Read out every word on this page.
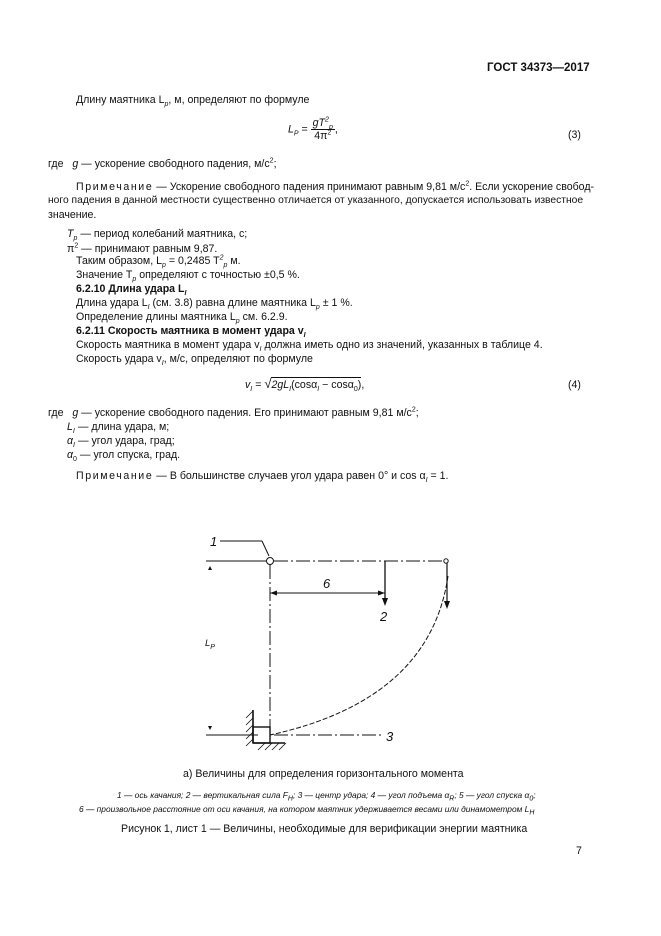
ГОСТ 34373—2017
Длину маятника $L_p$, м, определяют по формуле
$L_P = \frac{gT^2_p}{4\pi^2}$ ,	(3)
где g — ускорение свободного падения, $м/с^2$;
Примечание — Ускорение свободного падения принимают равным 9,81 $м/с^2$. Если ускорение свобод-
ного падения в данной местности существенно отличается от указанного, допускается использовать известное
значение.
$T_p$ — период колебаний маятника, с;
$\pi^2$ — принимают равным 9,87.
Таким образом, $L_p = 0,2485$ $T^2_p$ м.
Значение $T_p$ определяют с точностью ±0,5 %.
6.2.10 Длина удара $L_I$
Длина удара $L_I$ (см. 3.8) равна длине маятника $L_p \pm 1$ %.
Определение длины маятника $L_p$ см. 6.2.9.
6.2.11 Скорость маятника в момент удара $v_I$
Скорость маятника в момент удара $v_I$ должна иметь одно из значений, указанных в таблице 4.
Скорость удара $v_I$, м/с, определяют по формуле
$v_I = √2gL_I(\cos\alpha_I - \cos\alpha_0)$,	(4)
где g — ускорение свободного падения. Его принимают равным 9,81 $м/с^2$;
$L_I$ — длина удара, м;
$\alpha_I$ — угол удара, град;
$\alpha_0$ — угол спуска, град.
Примечание — В большинстве случаев угол удара равен 0° и $\cos \alpha_I = 1$.
1
6
2
3
$L_P$
а) Величины для определения горизонтального момента
1 — ось качания; 2 — вертикальная сила $F_H$; 3 — центр удара; 4 — угол подъема $\alpha_R$; 5 — угол спуска $\alpha_0$;
6 — произвольное расстояние от оси качания, на котором маятник удерживается весами или динамометром $L_H$
Рисунок 1, лист 1 — Величины, необходимые для верификации энергии маятника
7
